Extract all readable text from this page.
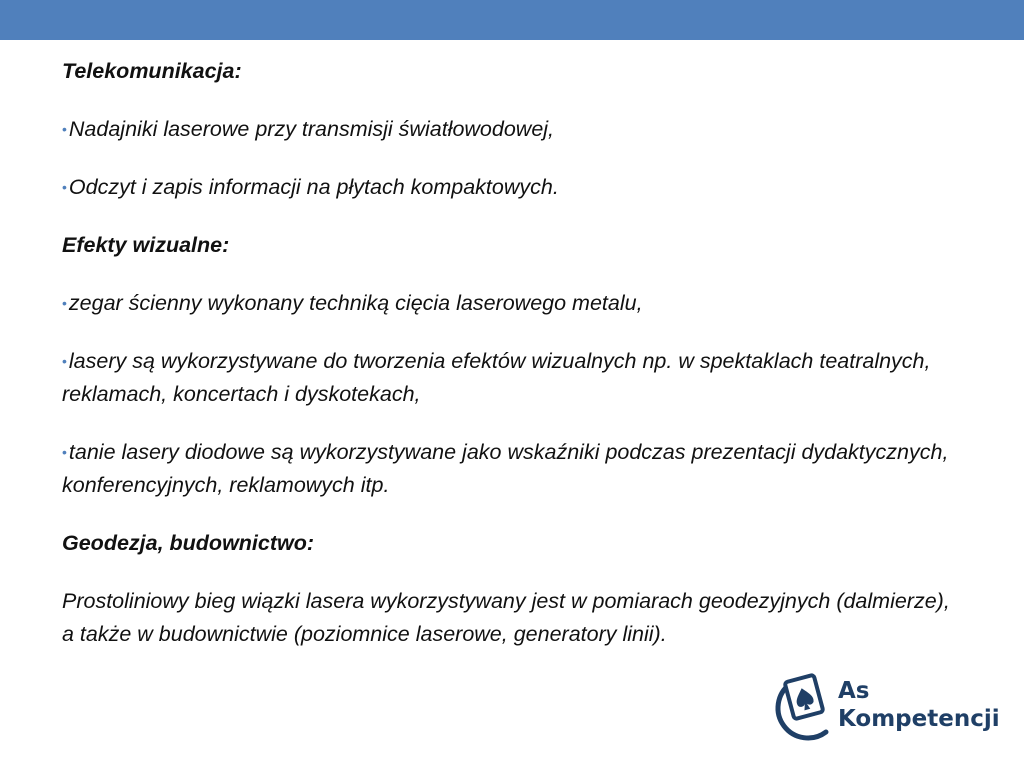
Telekomunikacja:

•Nadajniki laserowe przy transmisji światłowodowej,

•Odczyt i zapis informacji na płytach kompaktowych.

Efekty wizualne:

•zegar ścienny wykonany techniką cięcia laserowego metalu,

•lasery są wykorzystywane do tworzenia efektów wizualnych np. w spektaklach teatralnych, reklamach, koncertach i dyskotekach,

•tanie lasery diodowe są wykorzystywane jako wskaźniki podczas prezentacji dydaktycznych, konferencyjnych, reklamowych itp.

Geodezja, budownictwo:

Prostoliniowy bieg wiązki lasera wykorzystywany jest w pomiarach geodezyjnych (dalmierze), a także w budownictwie (poziomnice laserowe, generatory linii).

As
Kompetencji
